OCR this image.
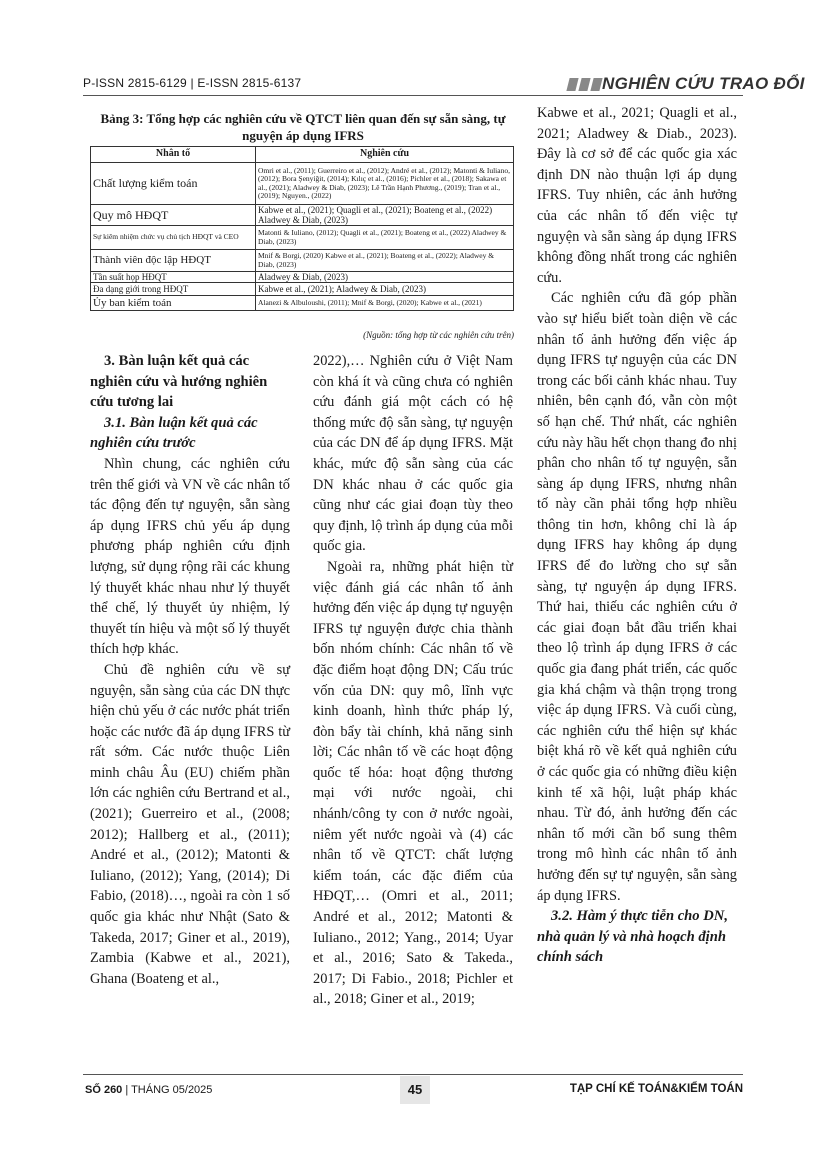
P-ISSN 2815-6129 | E-ISSN 2815-6137	NGHIÊN CỨU TRAO ĐỔI
Bảng 3: Tổng hợp các nghiên cứu về QTCT liên quan đến sự sẵn sàng, tự nguyện áp dụng IFRS
Nhân tố	Nghiên cứu
Chất lượng kiểm toán	Omri et al., (2011); Guerreiro et al., (2012); André et al., (2012); Matonti & Iuliano, (2012); Bora Şenyiğit, (2014); Kılıç et al., (2016); Pichler et al., (2018); Sakawa et al., (2021); Aladwey & Diab, (2023); Lê Trần Hạnh Phương., (2019); Tran et al., (2019); Nguyen., (2022)
Quy mô HĐQT	Kabwe et al., (2021); Quagli et al., (2021); Boateng et al., (2022) Aladwey & Diab, (2023)
Sự kiêm nhiệm chức vụ chủ tịch HĐQT và CEO	Matonti & Iuliano, (2012); Quagli et al., (2021); Boateng et al., (2022) Aladwey & Diab, (2023)
Thành viên độc lập HĐQT	Mnif & Borgi, (2020) Kabwe et al., (2021); Boateng et al., (2022); Aladwey & Diab, (2023)
Tần suất họp HĐQT	Aladwey & Diab, (2023)
Đa dạng giới trong HĐQT	Kabwe et al., (2021); Aladwey & Diab, (2023)
Ủy ban kiểm toán	Alanezi & Albuloushi, (2011); Mnif & Borgi, (2020); Kabwe et al., (2021)
(Nguồn: tổng hợp từ các nghiên cứu trên)
3. Bàn luận kết quả các nghiên cứu và hướng nghiên cứu tương lai
3.1. Bàn luận kết quả các nghiên cứu trước

Nhìn chung, các nghiên cứu trên thế giới và VN về các nhân tố tác động đến tự nguyện, sẵn sàng áp dụng IFRS chủ yếu áp dụng phương pháp nghiên cứu định lượng, sử dụng rộng rãi các khung lý thuyết khác nhau như lý thuyết thể chế, lý thuyết ủy nhiệm, lý thuyết tín hiệu và một số lý thuyết thích hợp khác.

Chủ đề nghiên cứu về sự nguyện, sẵn sàng của các DN thực hiện chủ yếu ở các nước phát triển hoặc các nước đã áp dụng IFRS từ rất sớm. Các nước thuộc Liên minh châu Âu (EU) chiếm phần lớn các nghiên cứu Bertrand et al., (2021); Guerreiro et al., (2008; 2012); Hallberg et al., (2011); André et al., (2012); Matonti & Iuliano, (2012); Yang, (2014); Di Fabio, (2018)…, ngoài ra còn 1 số quốc gia khác như Nhật (Sato & Takeda, 2017; Giner et al., 2019), Zambia (Kabwe et al., 2021), Ghana (Boateng et al.,

2022),… Nghiên cứu ở Việt Nam còn khá ít và cũng chưa có nghiên cứu đánh giá một cách có hệ thống mức độ sẵn sàng, tự nguyện của các DN để áp dụng IFRS. Mặt khác, mức độ sẵn sàng của các DN khác nhau ở các quốc gia cũng như các giai đoạn tùy theo quy định, lộ trình áp dụng của mỗi quốc gia.

Ngoài ra, những phát hiện từ việc đánh giá các nhân tố ảnh hưởng đến việc áp dụng tự nguyện IFRS tự nguyện được chia thành bốn nhóm chính: Các nhân tố về đặc điểm hoạt động DN; Cấu trúc vốn của DN: quy mô, lĩnh vực kinh doanh, hình thức pháp lý, đòn bẩy tài chính, khả năng sinh lời; Các nhân tố về các hoạt động quốc tế hóa: hoạt động thương mại với nước ngoài, chi nhánh/công ty con ở nước ngoài, niêm yết nước ngoài và (4) các nhân tố về QTCT: chất lượng kiểm toán, các đặc điểm của HĐQT,… (Omri et al., 2011; André et al., 2012; Matonti & Iuliano., 2012; Yang., 2014; Uyar et al., 2016; Sato & Takeda., 2017; Di Fabio., 2018; Pichler et al., 2018; Giner et al., 2019;

Kabwe et al., 2021; Quagli et al., 2021; Aladwey & Diab., 2023). Đây là cơ sở để các quốc gia xác định DN nào thuận lợi áp dụng IFRS. Tuy nhiên, các ảnh hưởng của các nhân tố đến việc tự nguyện và sẵn sàng áp dụng IFRS không đồng nhất trong các nghiên cứu.

Các nghiên cứu đã góp phần vào sự hiểu biết toàn diện về các nhân tố ảnh hưởng đến việc áp dụng IFRS tự nguyện của các DN trong các bối cảnh khác nhau. Tuy nhiên, bên cạnh đó, vẫn còn một số hạn chế. Thứ nhất, các nghiên cứu này hầu hết chọn thang đo nhị phân cho nhân tố tự nguyện, sẵn sàng áp dụng IFRS, nhưng nhân tố này cần phải tổng hợp nhiều thông tin hơn, không chỉ là áp dụng IFRS hay không áp dụng IFRS để đo lường cho sự sẵn sàng, tự nguyện áp dụng IFRS. Thứ hai, thiếu các nghiên cứu ở các giai đoạn bắt đầu triển khai theo lộ trình áp dụng IFRS ở các quốc gia đang phát triển, các quốc gia khá chậm và thận trọng trong việc áp dụng IFRS. Và cuối cùng, các nghiên cứu thể hiện sự khác biệt khá rõ về kết quả nghiên cứu ở các quốc gia có những điều kiện kinh tế xã hội, luật pháp khác nhau. Từ đó, ảnh hưởng đến các nhân tố mới cần bổ sung thêm trong mô hình các nhân tố ảnh hưởng đến sự tự nguyện, sẵn sàng áp dụng IFRS.

3.2. Hàm ý thực tiễn cho DN, nhà quản lý và nhà hoạch định chính sách
SỐ 260 | THÁNG 05/2025	45	TẠP CHÍ KẾ TOÁN&KIỂM TOÁN
